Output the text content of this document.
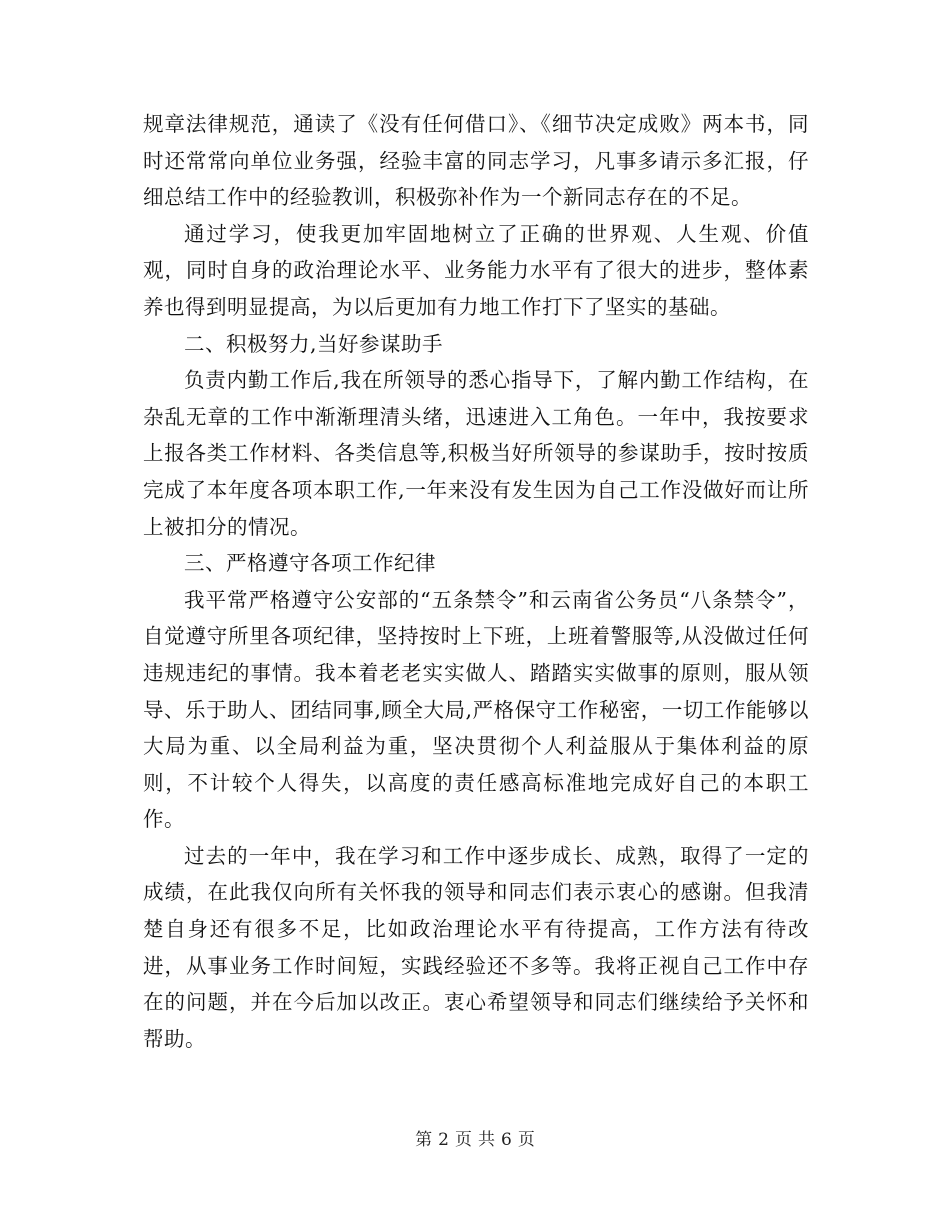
规章法律规范，通读了《没有任何借口》、《细节决定成败》两本书，同时还常常向单位业务强，经验丰富的同志学习，凡事多请示多汇报，仔细总结工作中的经验教训，积极弥补作为一个新同志存在的不足。

通过学习，使我更加牢固地树立了正确的世界观、人生观、价值观，同时自身的政治理论水平、业务能力水平有了很大的进步，整体素养也得到明显提高，为以后更加有力地工作打下了坚实的基础。

二、积极努力,当好参谋助手

负责内勤工作后,我在所领导的悉心指导下，了解内勤工作结构，在杂乱无章的工作中渐渐理清头绪，迅速进入工角色。一年中，我按要求上报各类工作材料、各类信息等,积极当好所领导的参谋助手，按时按质完成了本年度各项本职工作,一年来没有发生因为自己工作没做好而让所上被扣分的情况。

三、严格遵守各项工作纪律

我平常严格遵守公安部的“五条禁令”和云南省公务员“八条禁令”，自觉遵守所里各项纪律，坚持按时上下班，上班着警服等,从没做过任何违规违纪的事情。我本着老老实实做人、踏踏实实做事的原则，服从领导、乐于助人、团结同事,顾全大局,严格保守工作秘密，一切工作能够以大局为重、以全局利益为重，坚决贯彻个人利益服从于集体利益的原则，不计较个人得失，以高度的责任感高标准地完成好自己的本职工作。

过去的一年中，我在学习和工作中逐步成长、成熟，取得了一定的成绩，在此我仅向所有关怀我的领导和同志们表示衷心的感谢。但我清楚自身还有很多不足，比如政治理论水平有待提高，工作方法有待改进，从事业务工作时间短，实践经验还不多等。我将正视自己工作中存在的问题，并在今后加以改正。衷心希望领导和同志们继续给予关怀和帮助。

第 2 页 共 6 页
